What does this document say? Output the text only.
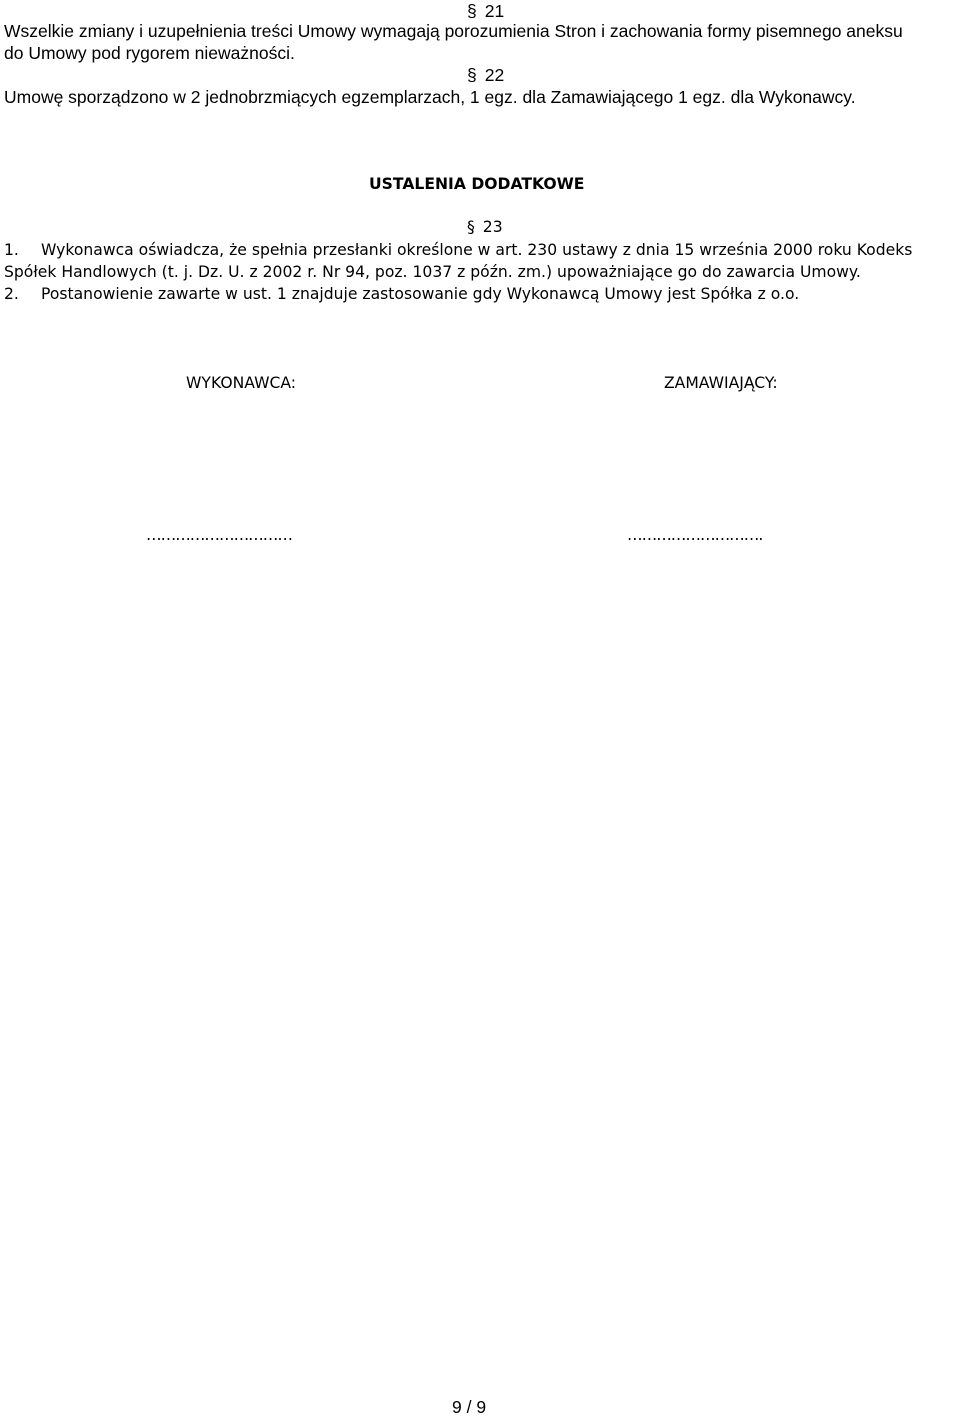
§ 21
Wszelkie zmiany i uzupełnienia treści Umowy wymagają porozumienia Stron i zachowania formy pisemnego aneksu
do Umowy pod rygorem nieważności.
§ 22
Umowę sporządzono w 2 jednobrzmiących egzemplarzach, 1 egz. dla Zamawiającego 1 egz. dla Wykonawcy.
USTALENIA DODATKOWE
§ 23
1. Wykonawca oświadcza, że spełnia przesłanki określone w art. 230 ustawy z dnia 15 września 2000 roku Kodeks
Spółek Handlowych (t. j. Dz. U. z 2002 r. Nr 94, poz. 1037 z późn. zm.) upoważniające go do zawarcia Umowy.
2. Postanowienie zawarte w ust. 1 znajduje zastosowanie gdy Wykonawcą Umowy jest Spółka z o.o.
WYKONAWCA:	ZAMAWIAJĄCY:
…………………………	……………………….
9 / 9
